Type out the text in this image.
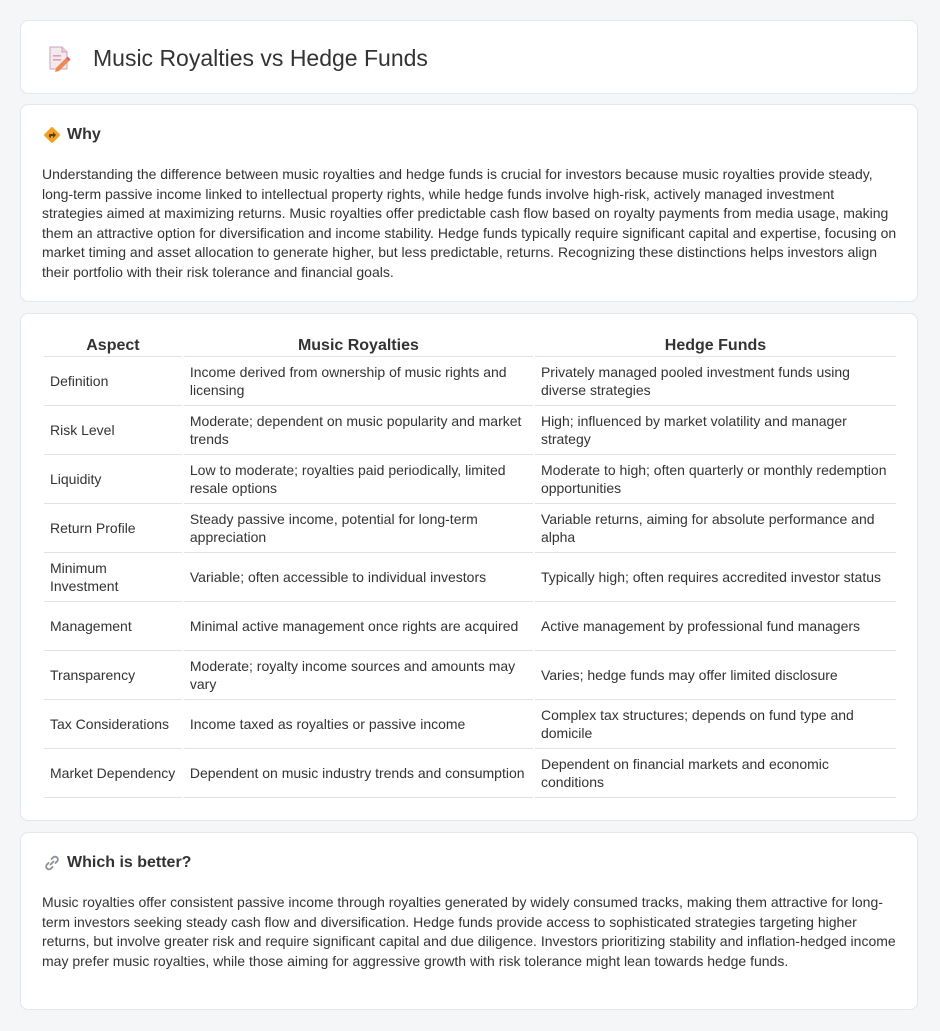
Music Royalties vs Hedge Funds
Why

Understanding the difference between music royalties and hedge funds is crucial for investors because music royalties provide steady, long-term passive income linked to intellectual property rights, while hedge funds involve high-risk, actively managed investment strategies aimed at maximizing returns. Music royalties offer predictable cash flow based on royalty payments from media usage, making them an attractive option for diversification and income stability. Hedge funds typically require significant capital and expertise, focusing on market timing and asset allocation to generate higher, but less predictable, returns. Recognizing these distinctions helps investors align their portfolio with their risk tolerance and financial goals.

Aspect	Music Royalties	Hedge Funds
Definition	Income derived from ownership of music rights and licensing	Privately managed pooled investment funds using diverse strategies
Risk Level	Moderate; dependent on music popularity and market trends	High; influenced by market volatility and manager strategy
Liquidity	Low to moderate; royalties paid periodically, limited resale options	Moderate to high; often quarterly or monthly redemption opportunities
Return Profile	Steady passive income, potential for long-term appreciation	Variable returns, aiming for absolute performance and alpha
Minimum Investment	Variable; often accessible to individual investors	Typically high; often requires accredited investor status
Management	Minimal active management once rights are acquired	Active management by professional fund managers
Transparency	Moderate; royalty income sources and amounts may vary	Varies; hedge funds may offer limited disclosure
Tax Considerations	Income taxed as royalties or passive income	Complex tax structures; depends on fund type and domicile
Market Dependency	Dependent on music industry trends and consumption	Dependent on financial markets and economic conditions
Which is better?

Music royalties offer consistent passive income through royalties generated by widely consumed tracks, making them attractive for long-term investors seeking steady cash flow and diversification. Hedge funds provide access to sophisticated strategies targeting higher returns, but involve greater risk and require significant capital and due diligence. Investors prioritizing stability and inflation-hedged income may prefer music royalties, while those aiming for aggressive growth with risk tolerance might lean towards hedge funds.
